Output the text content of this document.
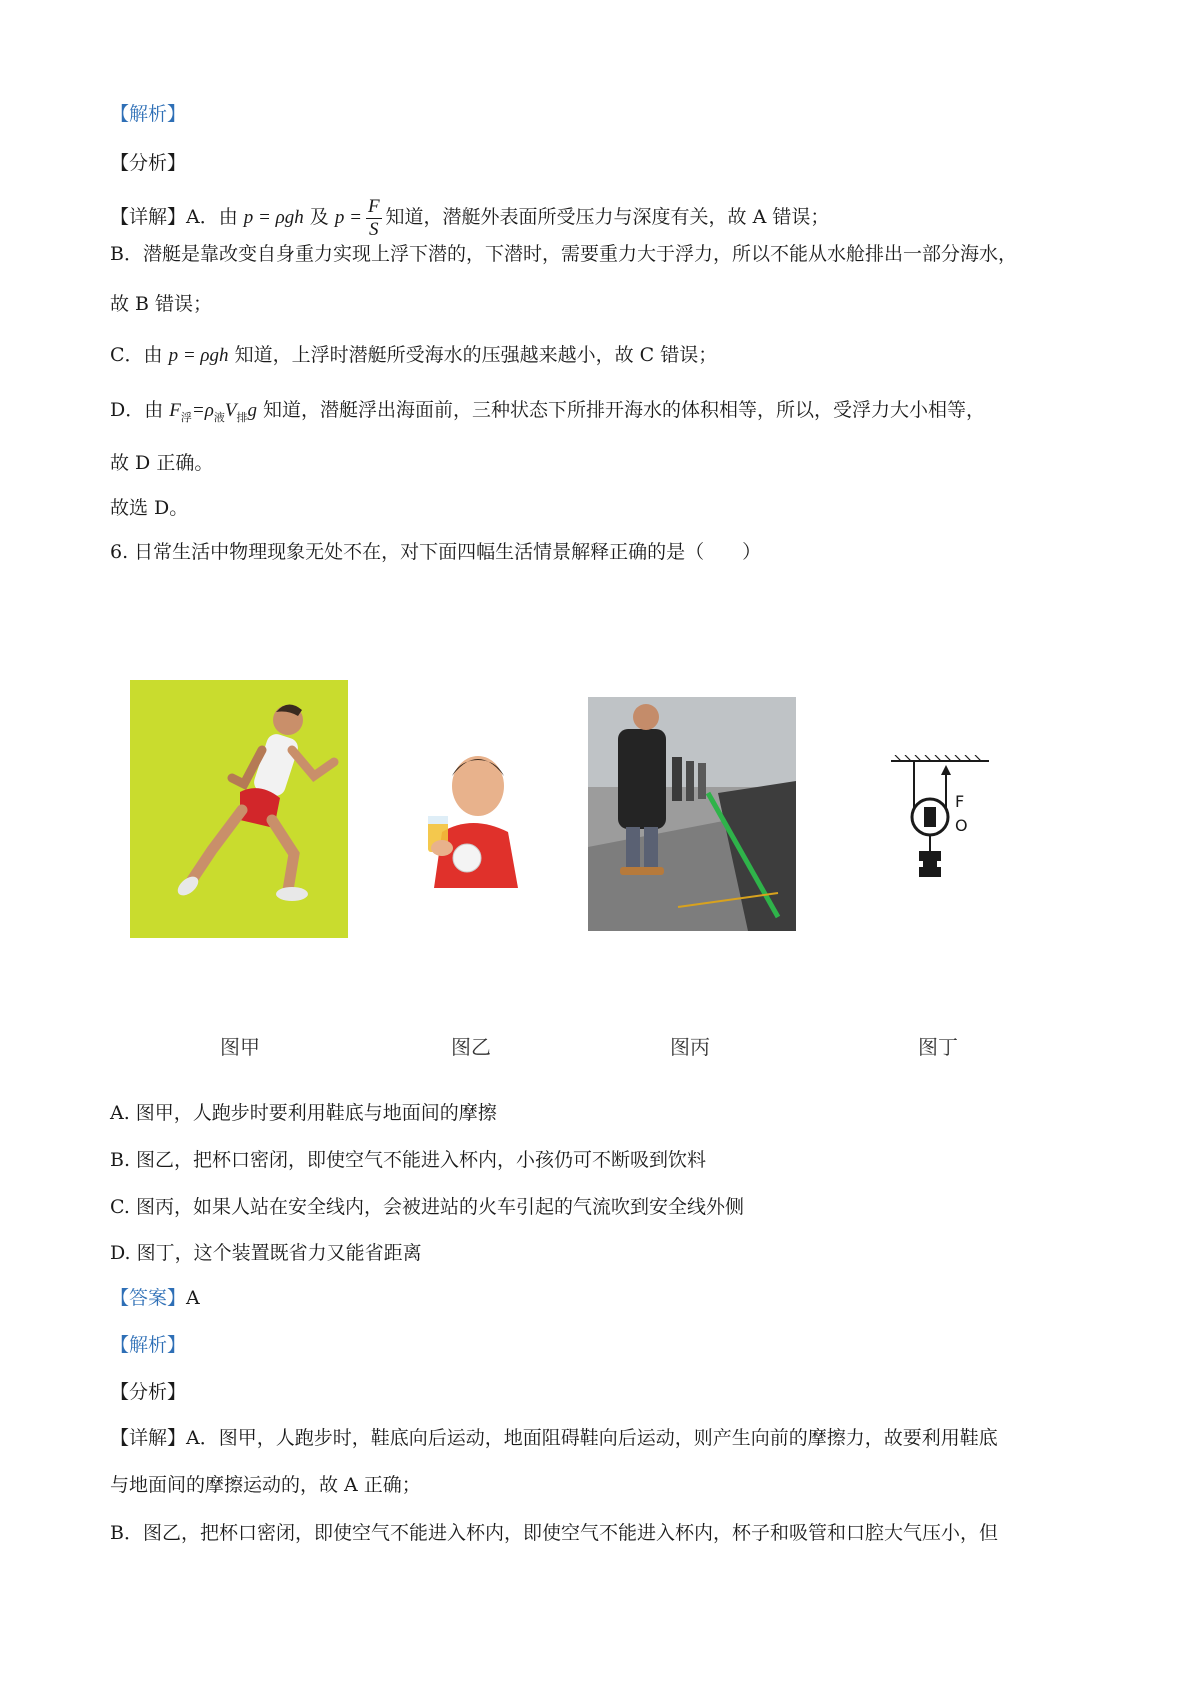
【解析】
【分析】
【详解】A．由 p = ρgh 及 $p = \frac{F}{S}$ 知道，潜艇外表面所受压力与深度有关，故 A 错误；
B．潜艇是靠改变自身重力实现上浮下潜的，下潜时，需要重力大于浮力，所以不能从水舱排出一部分海水，
故 B 错误；
C．由 p = ρgh 知道，上浮时潜艇所受海水的压强越来越小，故 C 错误；
D．由 $F_浮=\rho_液V_排g$ 知道，潜艇浮出海面前，三种状态下所排开海水的体积相等，所以，受浮力大小相等，
故 D 正确。
故选 D。
6. 日常生活中物理现象无处不在，对下面四幅生活情景解释正确的是（　　）
F
O
图甲	图乙	图丙	图丁
A. 图甲，人跑步时要利用鞋底与地面间的摩擦
B. 图乙，把杯口密闭，即使空气不能进入杯内，小孩仍可不断吸到饮料
C. 图丙，如果人站在安全线内，会被进站的火车引起的气流吹到安全线外侧
D. 图丁，这个装置既省力又能省距离
【答案】A
【解析】
【分析】
【详解】A．图甲，人跑步时，鞋底向后运动，地面阻碍鞋向后运动，则产生向前的摩擦力，故要利用鞋底
与地面间的摩擦运动的，故 A 正确；
B．图乙，把杯口密闭，即使空气不能进入杯内，即使空气不能进入杯内，杯子和吸管和口腔大气压小，但
